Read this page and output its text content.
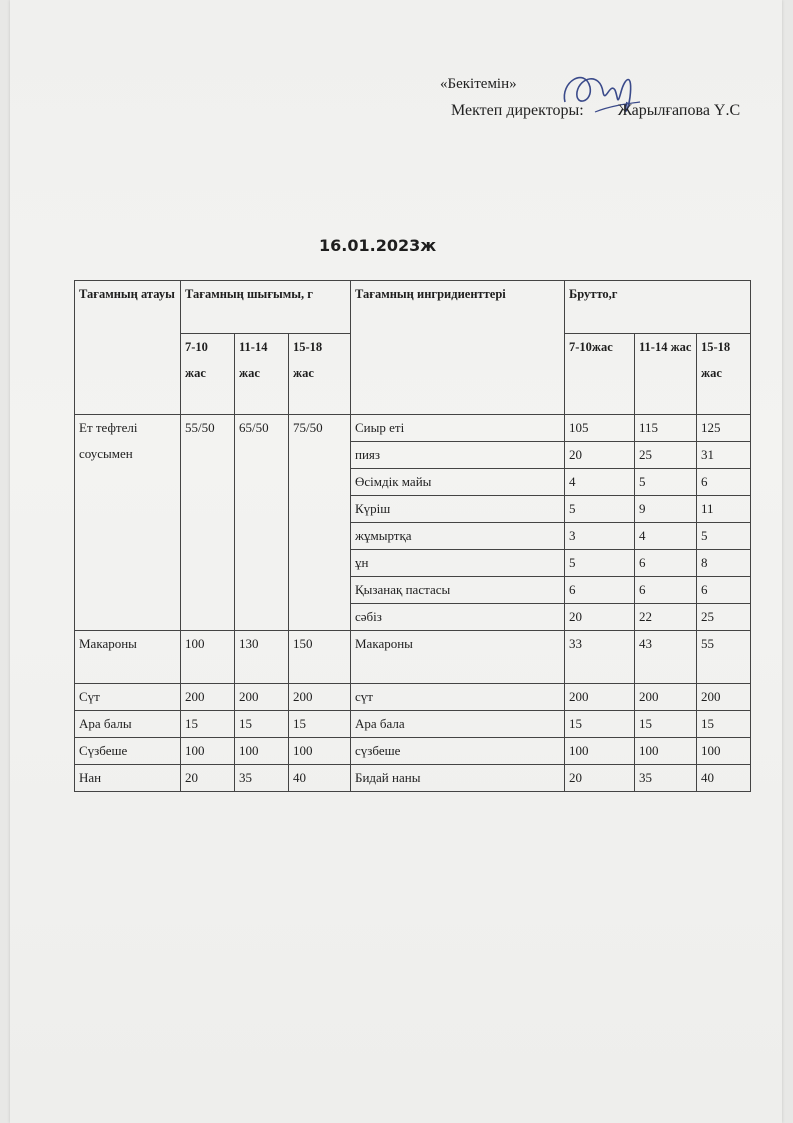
«Бекітемін»
Мектеп директоры: Жарылғапова Ү.С
16.01.2023ж
Тағамның атауы	Тағамның шығымы, г			Тағамның ингридиенттері	Брутто,г		
	7-10 жас	11-14 жас	15-18 жас		7-10жас	11-14 жас	15-18 жас
Ет тефтелі соусымен	55/50	65/50	75/50	Сиыр еті	105	115	125
				пияз	20	25	31
				Өсімдік майы	4	5	6
				Күріш	5	9	11
				жұмыртқа	3	4	5
				ұн	5	6	8
				Қызанақ пастасы	6	6	6
				сәбіз	20	22	25
Макароны	100	130	150	Макароны	33	43	55
Сүт	200	200	200	сүт	200	200	200
Ара балы	15	15	15	Ара бала	15	15	15
Сүзбеше	100	100	100	сүзбеше	100	100	100
Нан	20	35	40	Бидай наны	20	35	40
